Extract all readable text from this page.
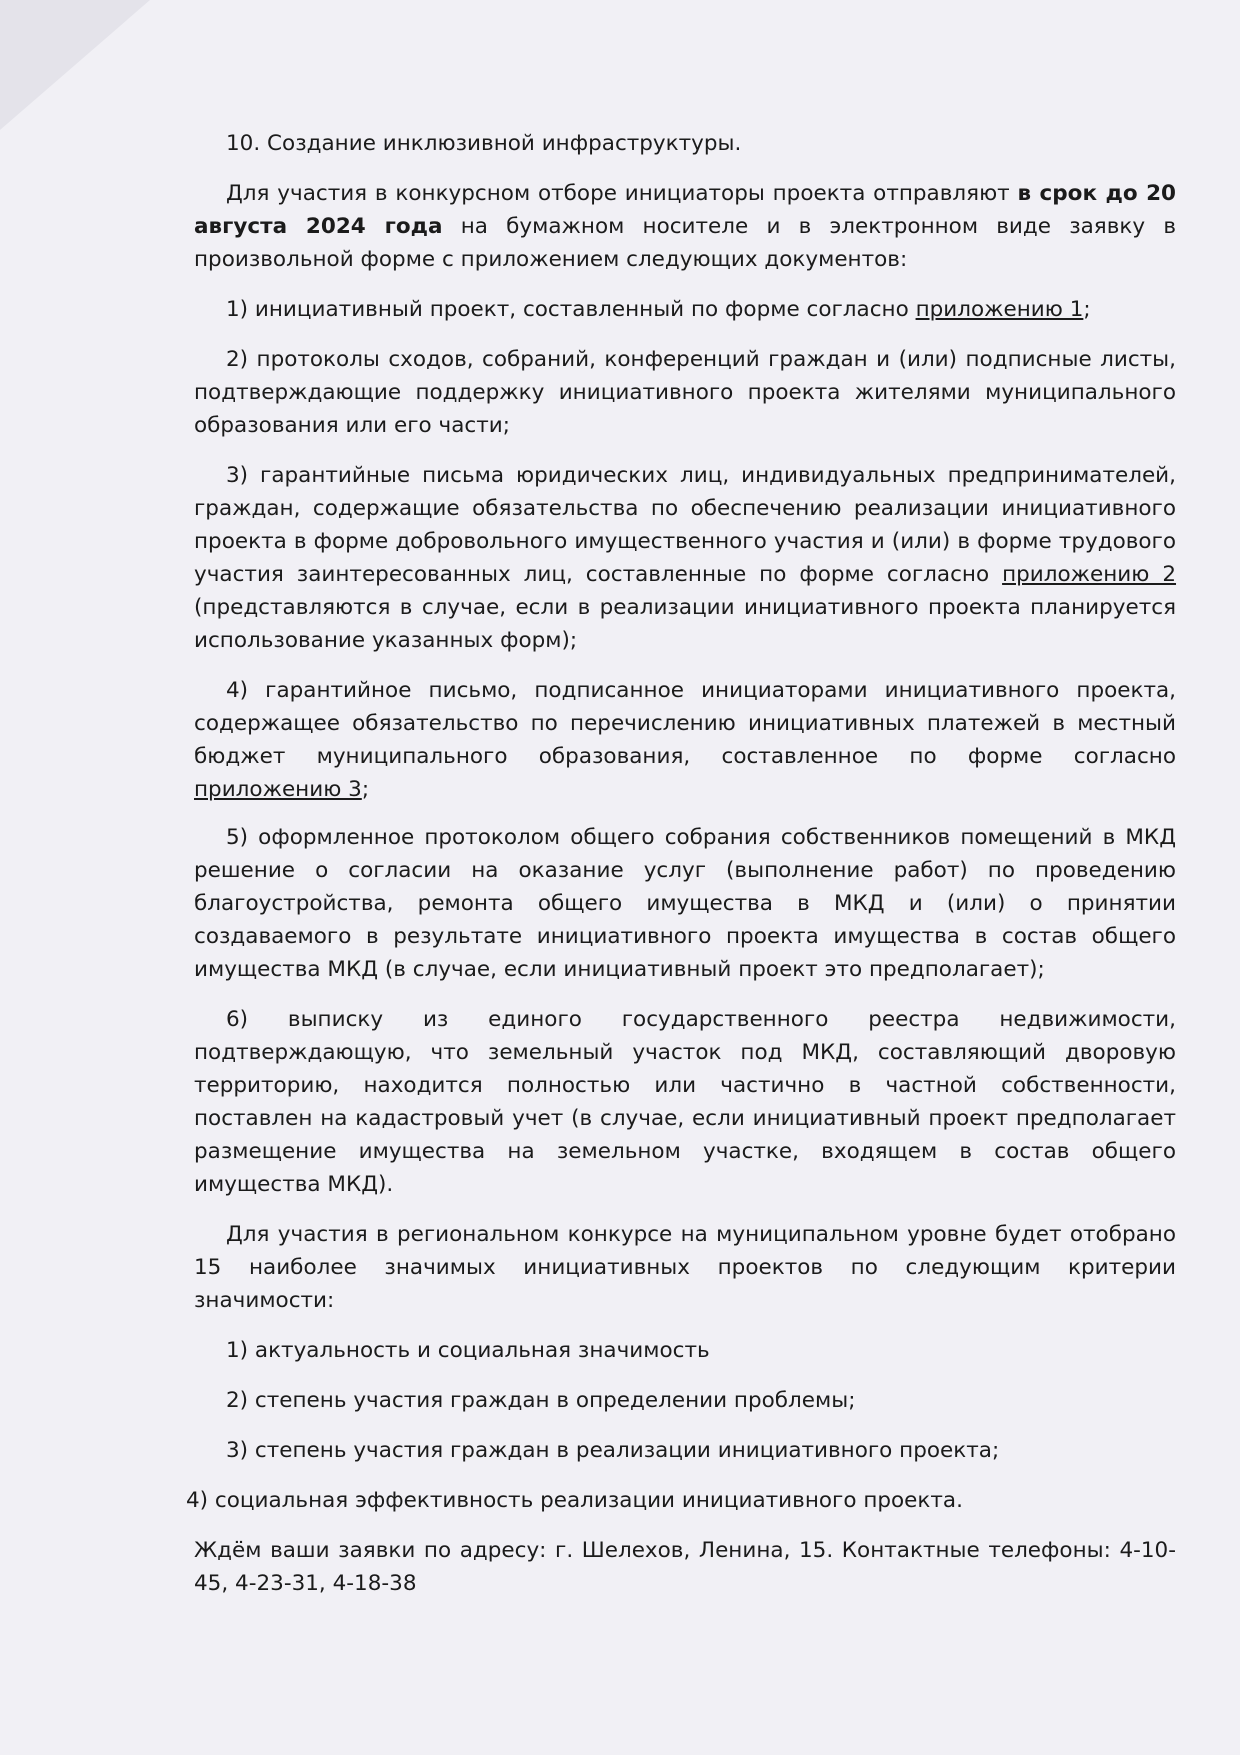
10. Создание инклюзивной инфраструктуры.

Для участия в конкурсном отборе инициаторы проекта отправляют в срок до 20 августа 2024 года на бумажном носителе и в электронном виде заявку в произвольной форме с приложением следующих документов:

1) инициативный проект, составленный по форме согласно приложению 1;

2) протоколы сходов, собраний, конференций граждан и (или) подписные листы, подтверждающие поддержку инициативного проекта жителями муниципального образования или его части;

3) гарантийные письма юридических лиц, индивидуальных предпринимателей, граждан, содержащие обязательства по обеспечению реализации инициативного проекта в форме добровольного имущественного участия и (или) в форме трудового участия заинтересованных лиц, составленные по форме согласно приложению 2 (представляются в случае, если в реализации инициативного проекта планируется использование указанных форм);

4) гарантийное письмо, подписанное инициаторами инициативного проекта, содержащее обязательство по перечислению инициативных платежей в местный бюджет муниципального образования, составленное по форме согласно приложению 3;

5) оформленное протоколом общего собрания собственников помещений в МКД решение о согласии на оказание услуг (выполнение работ) по проведению благоустройства, ремонта общего имущества в МКД и (или) о принятии создаваемого в результате инициативного проекта имущества в состав общего имущества МКД (в случае, если инициативный проект это предполагает);

6) выписку из единого государственного реестра недвижимости, подтверждающую, что земельный участок под МКД, составляющий дворовую территорию, находится полностью или частично в частной собственности, поставлен на кадастровый учет (в случае, если инициативный проект предполагает размещение имущества на земельном участке, входящем в состав общего имущества МКД).

Для участия в региональном конкурсе на муниципальном уровне будет отобрано 15 наиболее значимых инициативных проектов по следующим критерии значимости:

1) актуальность и социальная значимость

2) степень участия граждан в определении проблемы;

3) степень участия граждан в реализации инициативного проекта;

4) социальная эффективность реализации инициативного проекта.

Ждём ваши заявки по адресу: г. Шелехов, Ленина, 15. Контактные телефоны: 4-10-45, 4-23-31, 4-18-38
